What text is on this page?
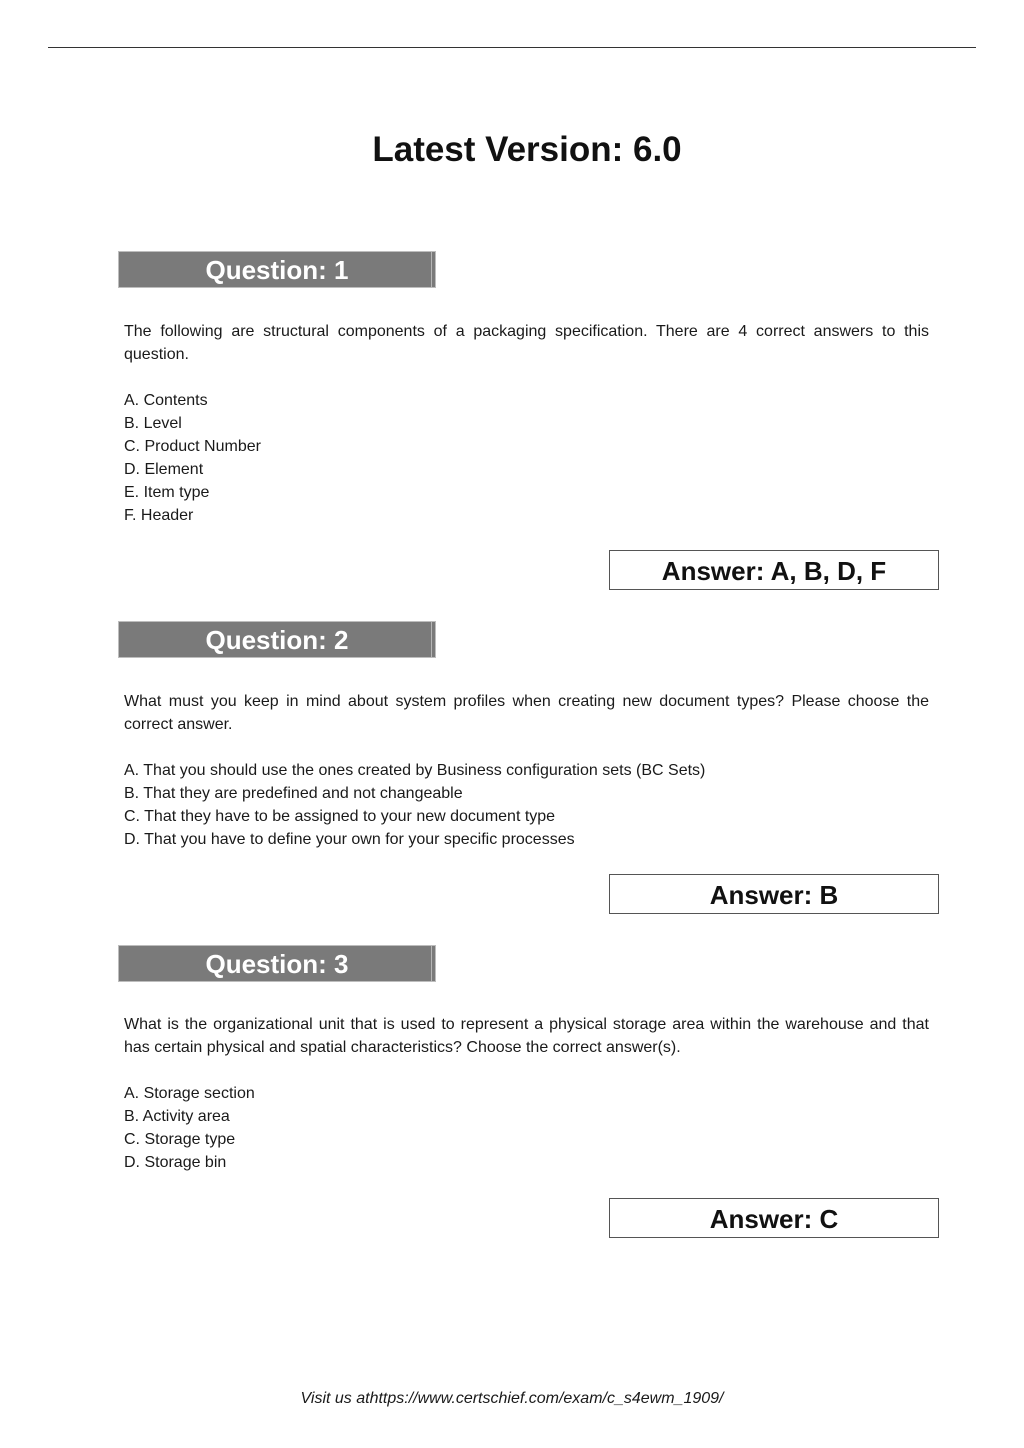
Latest Version: 6.0
Question: 1

The following are structural components of a packaging specification. There are 4 correct answers to this question.

A. Contents
B. Level
C. Product Number
D. Element
E. Item type
F. Header
Answer: A, B, D, F
Question: 2

What must you keep in mind about system profiles when creating new document types? Please choose the correct answer.

A. That you should use the ones created by Business configuration sets (BC Sets)
B. That they are predefined and not changeable
C. That they have to be assigned to your new document type
D. That you have to define your own for your specific processes
Answer: B
Question: 3

What is the organizational unit that is used to represent a physical storage area within the warehouse and that has certain physical and spatial characteristics? Choose the correct answer(s).

A. Storage section
B. Activity area
C. Storage type
D. Storage bin
Answer: C
Visit us athttps://www.certschief.com/exam/c_s4ewm_1909/
